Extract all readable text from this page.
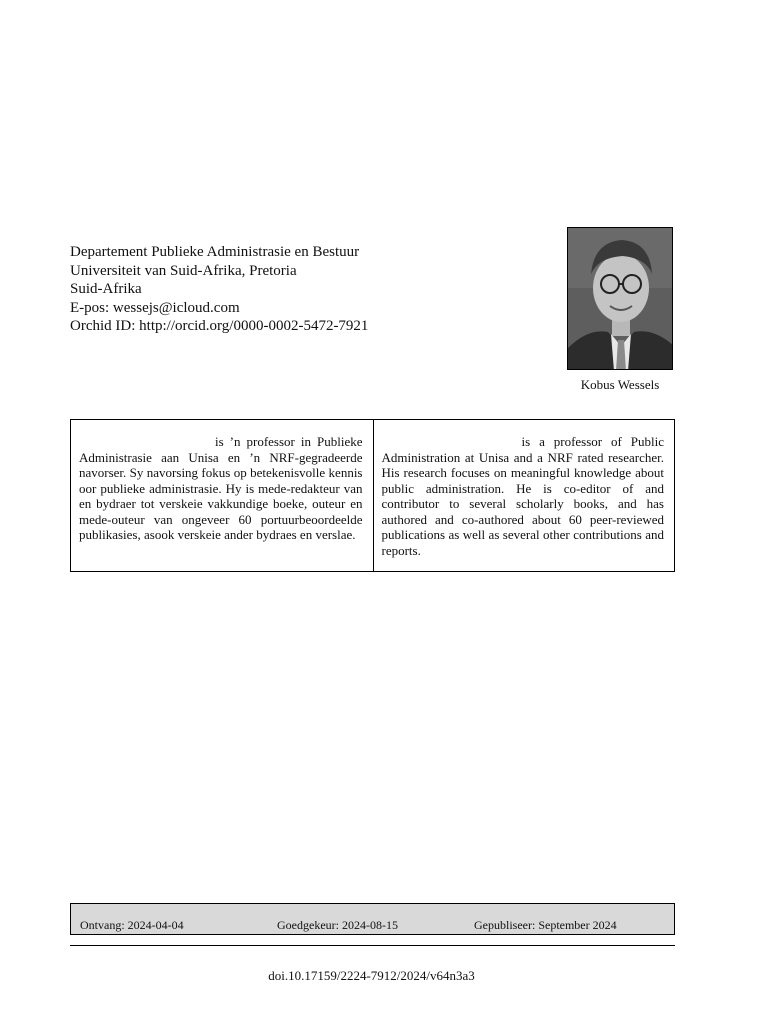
Departement Publieke Administrasie en Bestuur
Universiteit van Suid-Afrika, Pretoria
Suid-Afrika
E-pos: wessejs@icloud.com
Orchid ID: http://orcid.org/0000-0002-5472-7921
Kobus Wessels
is ’n professor in Publieke Administrasie aan Unisa en ’n NRF-gegradeerde navorser. Sy navorsing fokus op betekenisvolle kennis oor publieke administrasie. Hy is mede-redakteur van en bydraer tot verskeie vakkundige boeke, outeur en mede-outeur van ongeveer 60 portuurbeoordeelde publikasies, asook verskeie ander bydraes en verslae.
is a professor of Public Administration at Unisa and a NRF rated researcher. His research focuses on meaningful knowledge about public administration. He is co-editor of and contributor to several scholarly books, and has authored and co-authored about 60 peer-reviewed publications as well as several other contributions and reports.
Ontvang: 2024-04-04	Goedgekeur: 2024-08-15	Gepubliseer: September 2024
doi.10.17159/2224-7912/2024/v64n3a3
